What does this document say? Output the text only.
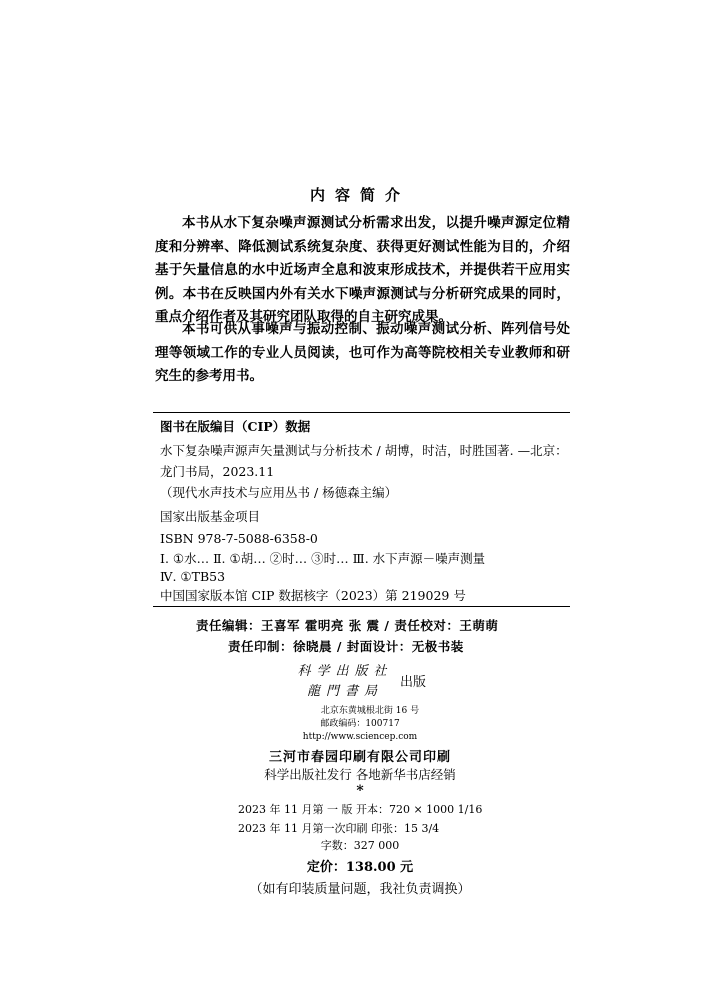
内容简介
本书从水下复杂噪声源测试分析需求出发，以提升噪声源定位精度和分辨率、降低测试系统复杂度、获得更好测试性能为目的，介绍基于矢量信息的水中近场声全息和波束形成技术，并提供若干应用实例。本书在反映国内外有关水下噪声源测试与分析研究成果的同时，重点介绍作者及其研究团队取得的自主研究成果。
本书可供从事噪声与振动控制、振动噪声测试分析、阵列信号处理等领域工作的专业人员阅读，也可作为高等院校相关专业教师和研究生的参考用书。
图书在版编目（CIP）数据
水下复杂噪声源声矢量测试与分析技术 / 胡博，时洁，时胜国著. —北京：龙门书局，2023.11
（现代水声技术与应用丛书 / 杨德森主编）
国家出版基金项目
ISBN 978-7-5088-6358-0
Ⅰ. ①水… Ⅱ. ①胡… ②时… ③时… Ⅲ. 水下声源－噪声测量
Ⅳ. ①TB53
中国国家版本馆 CIP 数据核字（2023）第 219029 号
责任编辑：王喜军 霍明亮 张 震 / 责任校对：王萌萌
责任印制：徐晓晨 / 封面设计：无极书装
科学出版社
龍門書局
出版
北京东黄城根北街 16 号
邮政编码：100717
http://www.sciencep.com
三河市春园印刷有限公司印刷
科学出版社发行 各地新华书店经销
*
2023 年 11 月第 一 版 开本：720 × 1000 1/16
2023 年 11 月第一次印刷 印张：15 3/4
字数：327 000
定价：138.00 元
（如有印装质量问题，我社负责调换）
